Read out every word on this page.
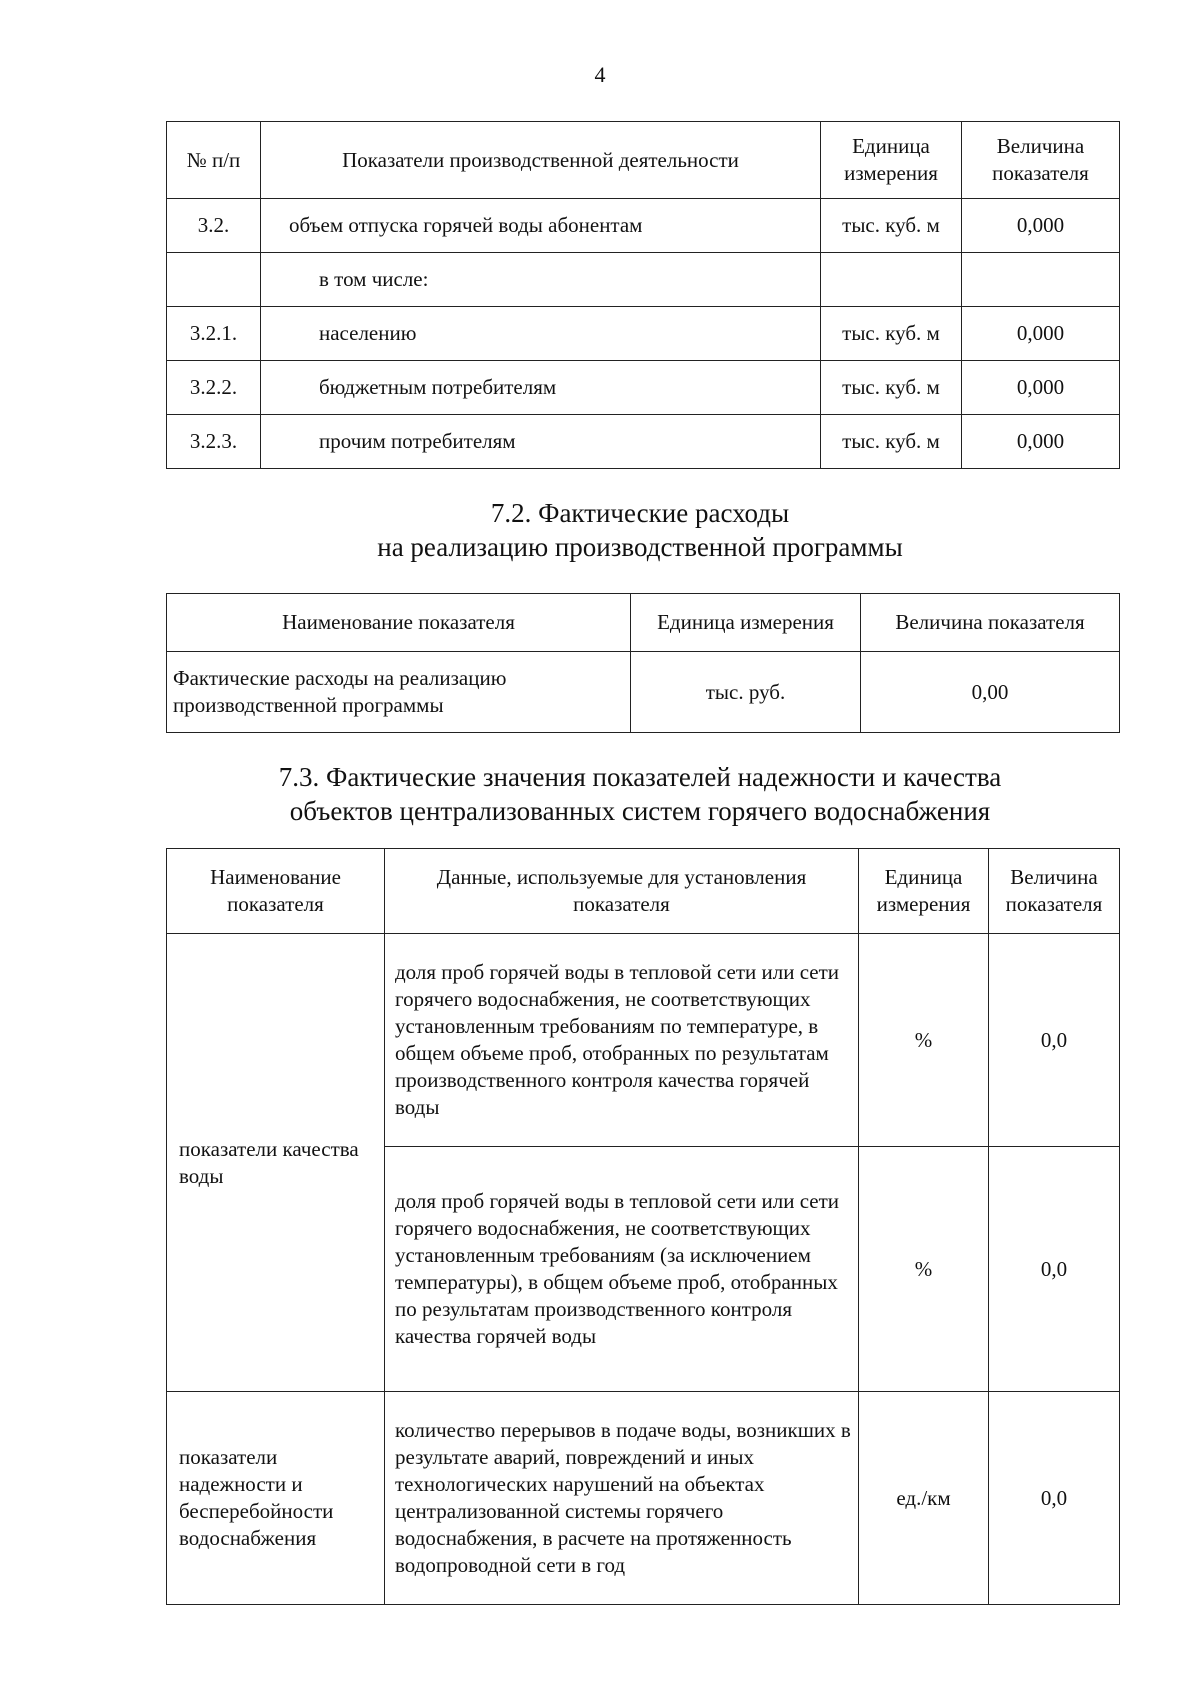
4
№ п/п	Показатели производственной деятельности	Единица измерения	Величина показателя
3.2.	объем отпуска горячей воды абонентам	тыс. куб. м	0,000
	в том числе:		
3.2.1.	населению	тыс. куб. м	0,000
3.2.2.	бюджетным потребителям	тыс. куб. м	0,000
3.2.3.	прочим потребителям	тыс. куб. м	0,000
7.2. Фактические расходы
на реализацию производственной программы
Наименование показателя	Единица измерения	Величина показателя
Фактические расходы на реализацию производственной программы	тыс. руб.	0,00
7.3. Фактические значения показателей надежности и качества
объектов централизованных систем горячего водоснабжения
Наименование показателя	Данные, используемые для установления показателя	Единица измерения	Величина показателя
показатели качества воды	доля проб горячей воды в тепловой сети или сети горячего водоснабжения, не соответствующих установленным требованиям по температуре, в общем объеме проб, отобранных по результатам производственного контроля качества горячей воды	%	0,0
	доля проб горячей воды в тепловой сети или сети горячего водоснабжения, не соответствующих установленным требованиям (за исключением температуры), в общем объеме проб, отобранных по результатам производственного контроля качества горячей воды	%	0,0
показатели надежности и бесперебойности водоснабжения	количество перерывов в подаче воды, возникших в результате аварий, повреждений и иных технологических нарушений на объектах централизованной системы горячего водоснабжения, в расчете на протяженность водопроводной сети в год	ед./км	0,0
